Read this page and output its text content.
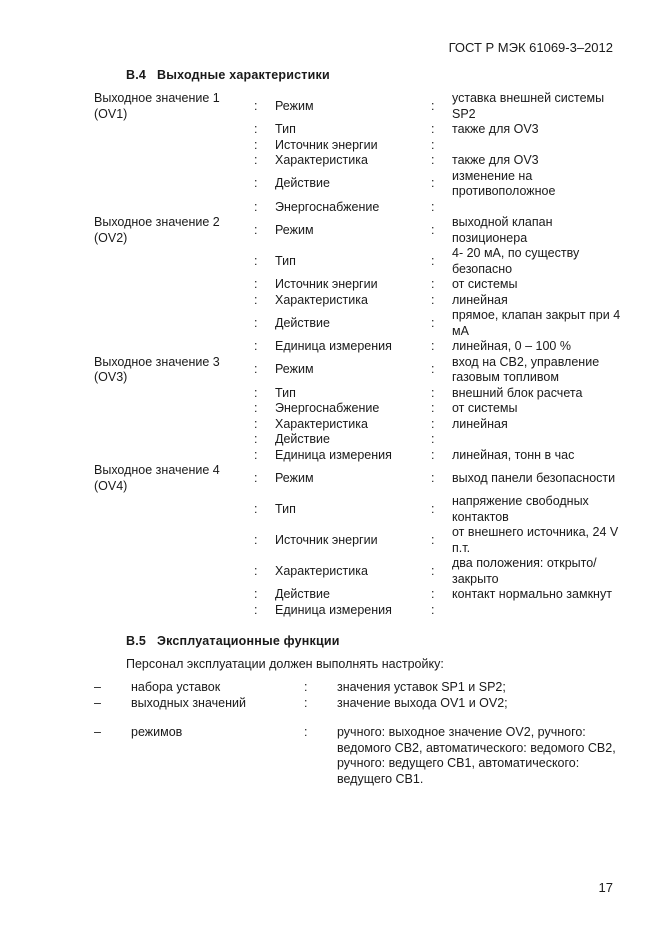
ГОСТ Р МЭК 61069-3–2012
B.4 Выходные характеристики
Выходное значение 1 (OV1)	:	Режим	:	уставка внешней системы SP2
	:	Тип	:	также для OV3
	:	Источник энергии	:	
	:	Характеристика	:	также для OV3
	:	Действие	:	изменение на противоположное
	:	Энергоснабжение	:	
Выходное значение 2 (OV2)	:	Режим	:	выходной клапан позиционера
	:	Тип	:	4- 20 мА, по существу безопасно
	:	Источник энергии	:	от системы
	:	Характеристика	:	линейная
	:	Действие	:	прямое, клапан закрыт при 4 мА
	:	Единица измерения	:	линейная, 0 – 100 %
Выходное значение 3 (OV3)	:	Режим	:	вход на СВ2, управление газовым топливом
	:	Тип	:	внешний блок расчета
	:	Энергоснабжение	:	от системы
	:	Характеристика	:	линейная
	:	Действие	:	
	:	Единица измерения	:	линейная, тонн в час
Выходное значение 4 (OV4)	:	Режим	:	выход панели безопасности
	:	Тип	:	напряжение свободных контактов
	:	Источник энергии	:	от внешнего источника, 24 V п.т.
	:	Характеристика	:	два положения: открыто/закрыто
	:	Действие	:	контакт нормально замкнут
	:	Единица измерения	:	
B.5 Эксплуатационные функции
Персонал эксплуатации должен выполнять настройку:
–	набора уставок	:	значения уставок SP1 и SP2;
–	выходных значений	:	значение выхода OV1 и OV2;

–	режимов	:	ручного: выходное значение OV2, ручного: ведомого СВ2, автоматического: ведомого СВ2, ручного: ведущего СВ1, автоматического: ведущего СВ1.
17
